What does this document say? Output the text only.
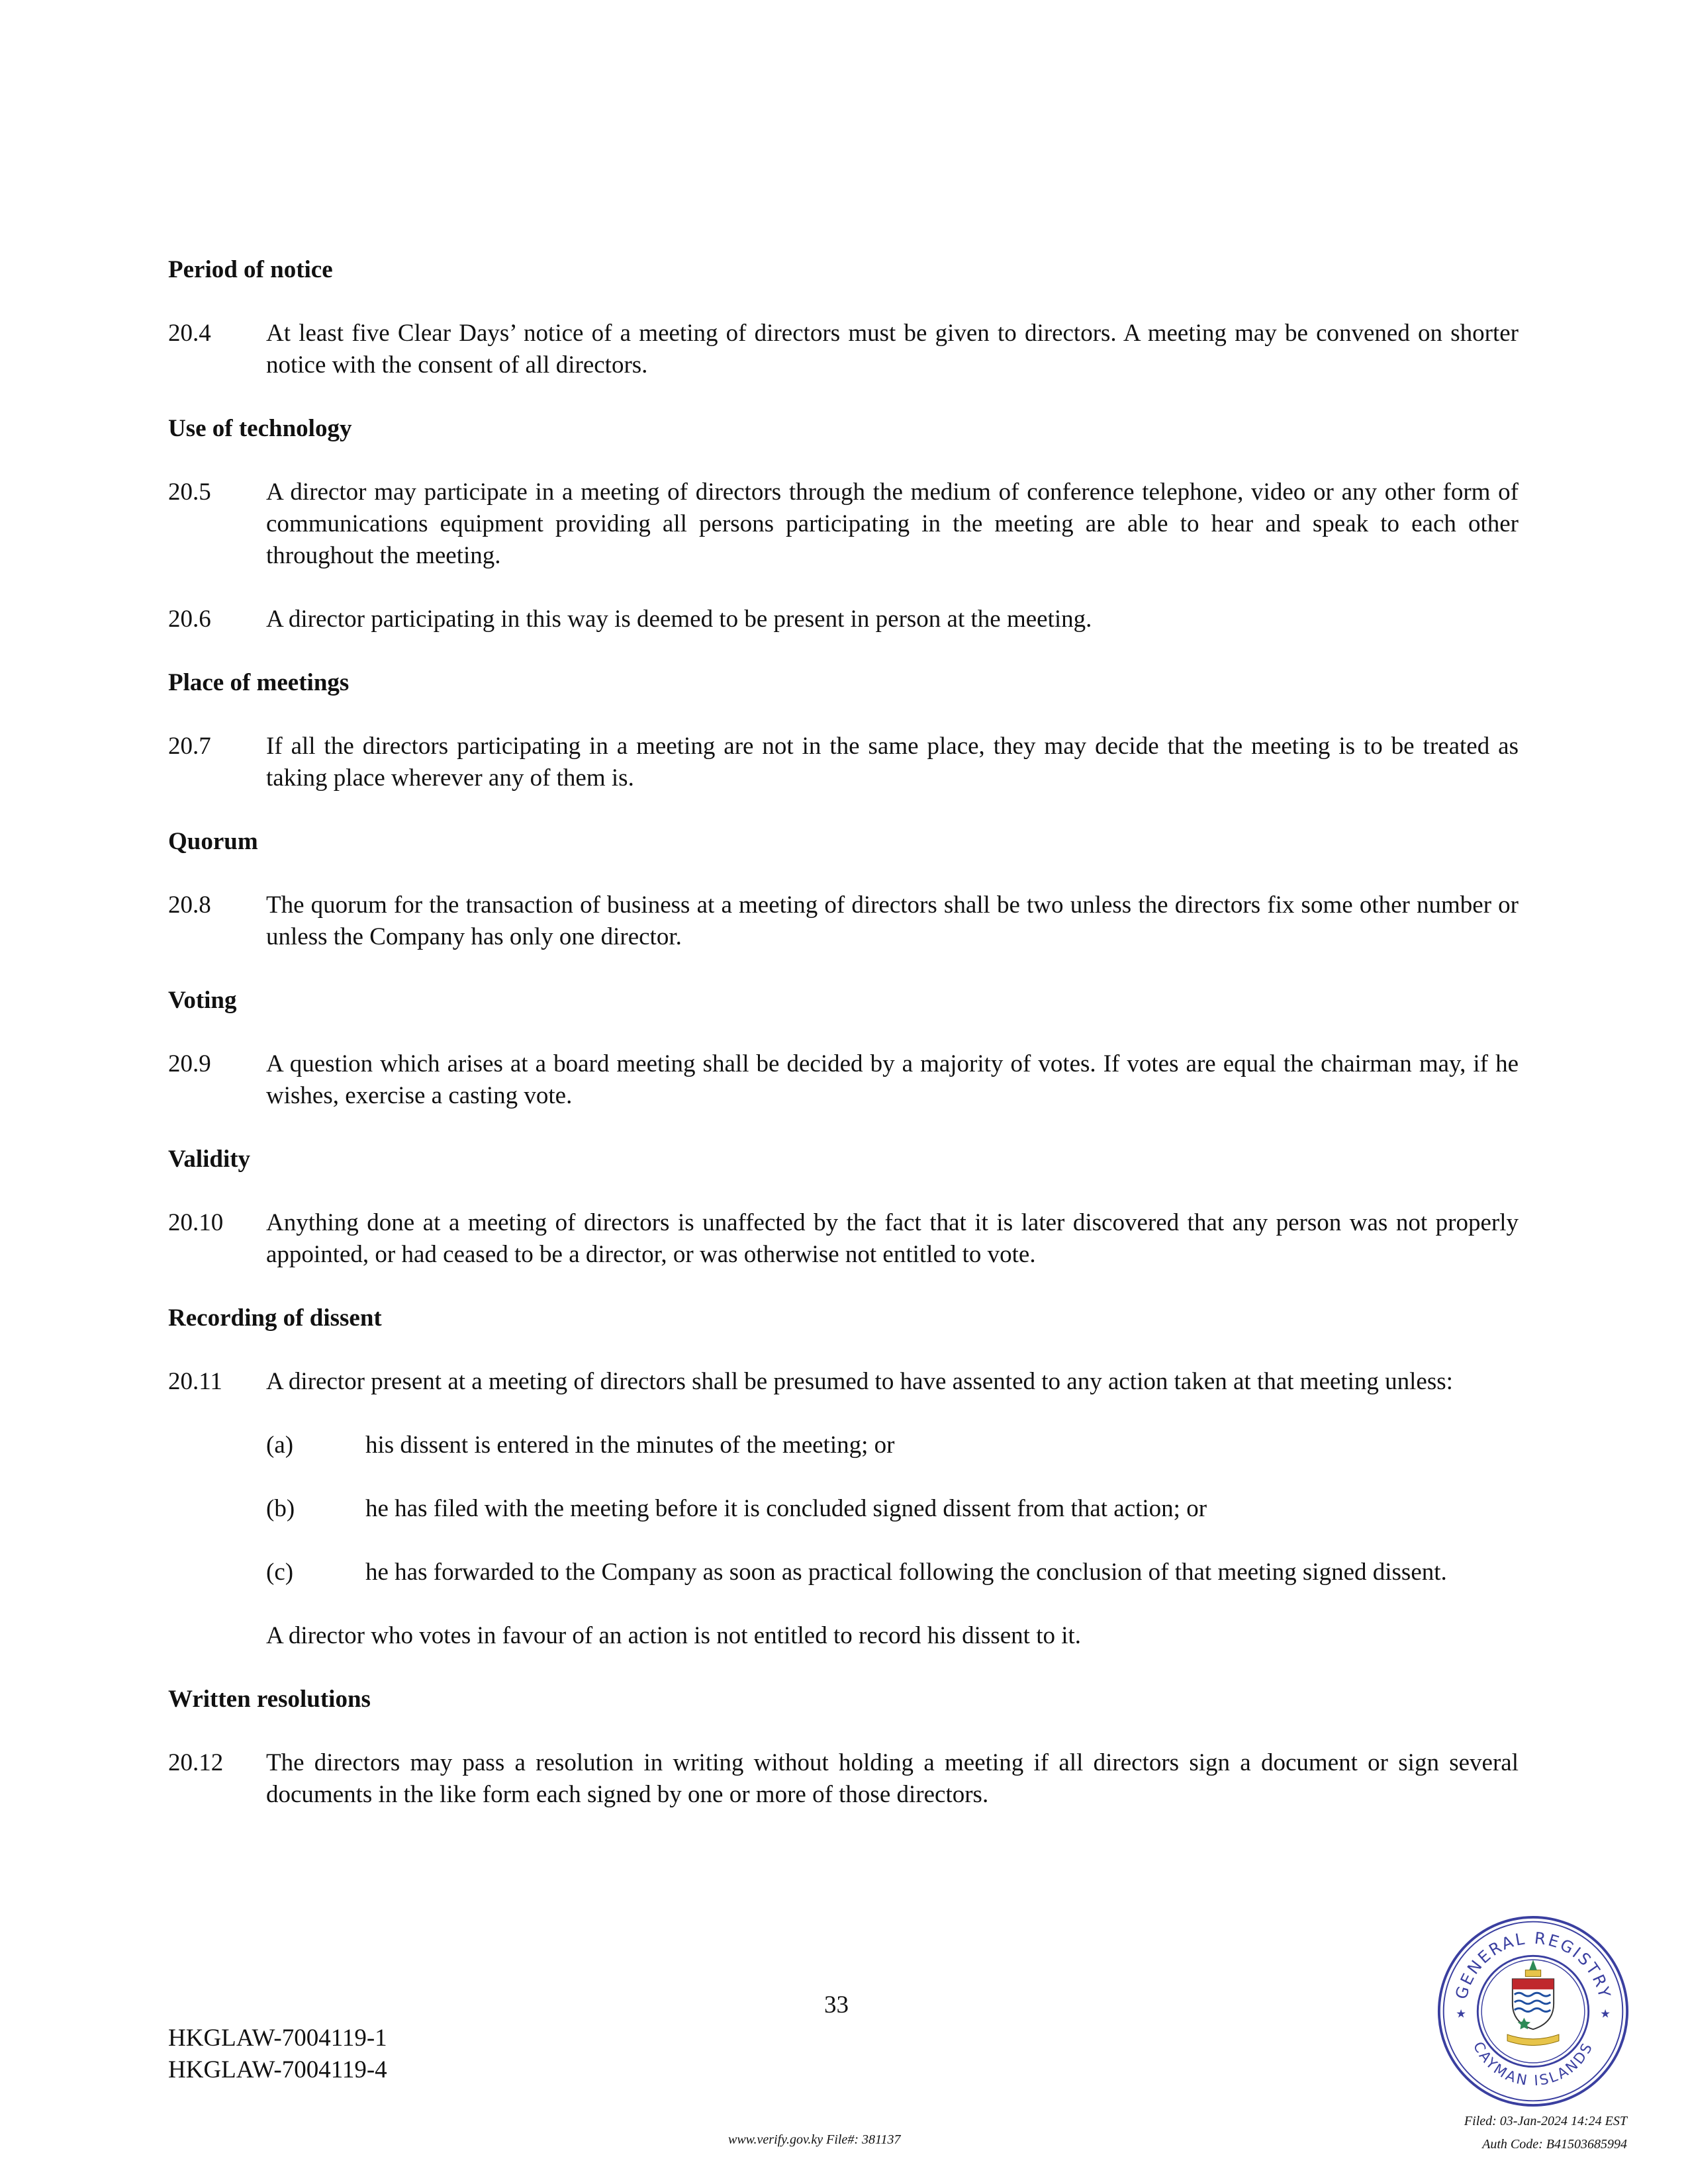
Period of notice
20.4	At least five Clear Days’ notice of a meeting of directors must be given to directors. A meeting may be convened on shorter notice with the consent of all directors.
Use of technology
20.5	A director may participate in a meeting of directors through the medium of conference telephone, video or any other form of communications equipment providing all persons participating in the meeting are able to hear and speak to each other throughout the meeting.
20.6	A director participating in this way is deemed to be present in person at the meeting.
Place of meetings
20.7	If all the directors participating in a meeting are not in the same place, they may decide that the meeting is to be treated as taking place wherever any of them is.
Quorum
20.8	The quorum for the transaction of business at a meeting of directors shall be two unless the directors fix some other number or unless the Company has only one director.
Voting
20.9	A question which arises at a board meeting shall be decided by a majority of votes. If votes are equal the chairman may, if he wishes, exercise a casting vote.
Validity
20.10	Anything done at a meeting of directors is unaffected by the fact that it is later discovered that any person was not properly appointed, or had ceased to be a director, or was otherwise not entitled to vote.
Recording of dissent
20.11	A director present at a meeting of directors shall be presumed to have assented to any action taken at that meeting unless:
(a)	his dissent is entered in the minutes of the meeting; or
(b)	he has filed with the meeting before it is concluded signed dissent from that action; or
(c)	he has forwarded to the Company as soon as practical following the conclusion of that meeting signed dissent.
A director who votes in favour of an action is not entitled to record his dissent to it.
Written resolutions
20.12	The directors may pass a resolution in writing without holding a meeting if all directors sign a document or sign several documents in the like form each signed by one or more of those directors.
33
HKGLAW-7004119-1
HKGLAW-7004119-4
GENERAL REGISTRY
CAYMAN ISLANDS
★	★
www.verify.gov.ky File#: 381137
Filed: 03-Jan-2024 14:24 EST
Auth Code: B41503685994
